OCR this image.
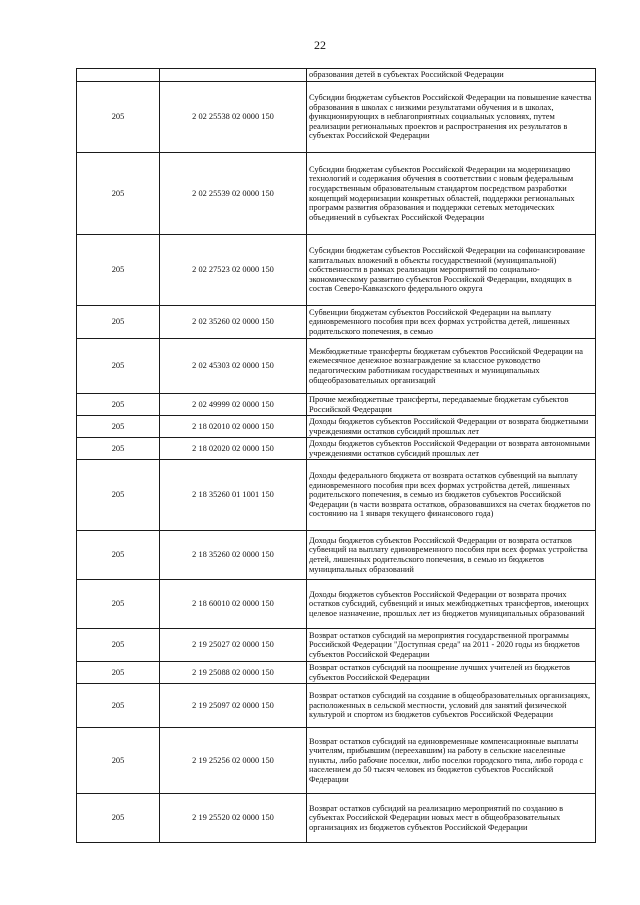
22
		образования детей в субъектах Российской Федерации
205	2 02 25538 02 0000 150	Субсидии бюджетам субъектов Российской Федерации на повышение качества образования в школах с низкими результатами обучения и в школах, функционирующих в неблагоприятных социальных условиях, путем реализации региональных проектов и распространения их результатов в субъектах Российской Федерации
205	2 02 25539 02 0000 150	Субсидии бюджетам субъектов Российской Федерации на модернизацию технологий и содержания обучения в соответствии с новым федеральным государственным образовательным стандартом посредством разработки концепций модернизации конкретных областей, поддержки региональных программ развития образования и поддержки сетевых методических объединений в субъектах Российской Федерации
205	2 02 27523 02 0000 150	Субсидии бюджетам субъектов Российской Федерации на софинансирование капитальных вложений в объекты государственной (муниципальной) собственности в рамках реализации мероприятий по социально-экономическому развитию субъектов Российской Федерации, входящих в состав Северо-Кавказского федерального округа
205	2 02 35260 02 0000 150	Субвенции бюджетам субъектов Российской Федерации на выплату единовременного пособия при всех формах устройства детей, лишенных родительского попечения, в семью
205	2 02 45303 02 0000 150	Межбюджетные трансферты бюджетам субъектов Российской Федерации на ежемесячное денежное вознаграждение за классное руководство педагогическим работникам государственных и муниципальных общеобразовательных организаций
205	2 02 49999 02 0000 150	Прочие межбюджетные трансферты, передаваемые бюджетам субъектов Российской Федерации
205	2 18 02010 02 0000 150	Доходы бюджетов субъектов Российской Федерации от возврата бюджетными учреждениями остатков субсидий прошлых лет
205	2 18 02020 02 0000 150	Доходы бюджетов субъектов Российской Федерации от возврата автономными учреждениями остатков субсидий прошлых лет
205	2 18 35260 01 1001 150	Доходы федерального бюджета от возврата остатков субвенций на выплату единовременного пособия при всех формах устройства детей, лишенных родительского попечения, в семью из бюджетов субъектов Российской Федерации (в части возврата остатков, образовавшихся на счетах бюджетов по состоянию на 1 января текущего финансового года)
205	2 18 35260 02 0000 150	Доходы бюджетов субъектов Российской Федерации от возврата остатков субвенций на выплату единовременного пособия при всех формах устройства детей, лишенных родительского попечения, в семью из бюджетов муниципальных образований
205	2 18 60010 02 0000 150	Доходы бюджетов субъектов Российской Федерации от возврата прочих остатков субсидий, субвенций и иных межбюджетных трансфертов, имеющих целевое назначение, прошлых лет из бюджетов муниципальных образований
205	2 19 25027 02 0000 150	Возврат остатков субсидий на мероприятия государственной программы Российской Федерации "Доступная среда" на 2011 - 2020 годы из бюджетов субъектов Российской Федерации
205	2 19 25088 02 0000 150	Возврат остатков субсидий на поощрение лучших учителей из бюджетов субъектов Российской Федерации
205	2 19 25097 02 0000 150	Возврат остатков субсидий на создание в общеобразовательных организациях, расположенных в сельской местности, условий для занятий физической культурой и спортом из бюджетов субъектов Российской Федерации
205	2 19 25256 02 0000 150	Возврат остатков субсидий на единовременные компенсационные выплаты учителям, прибывшим (переехавшим) на работу в сельские населенные пункты, либо рабочие поселки, либо поселки городского типа, либо города с населением до 50 тысяч человек из бюджетов субъектов Российской Федерации
205	2 19 25520 02 0000 150	Возврат остатков субсидий на реализацию мероприятий по созданию в субъектах Российской Федерации новых мест в общеобразовательных организациях из бюджетов субъектов Российской Федерации
